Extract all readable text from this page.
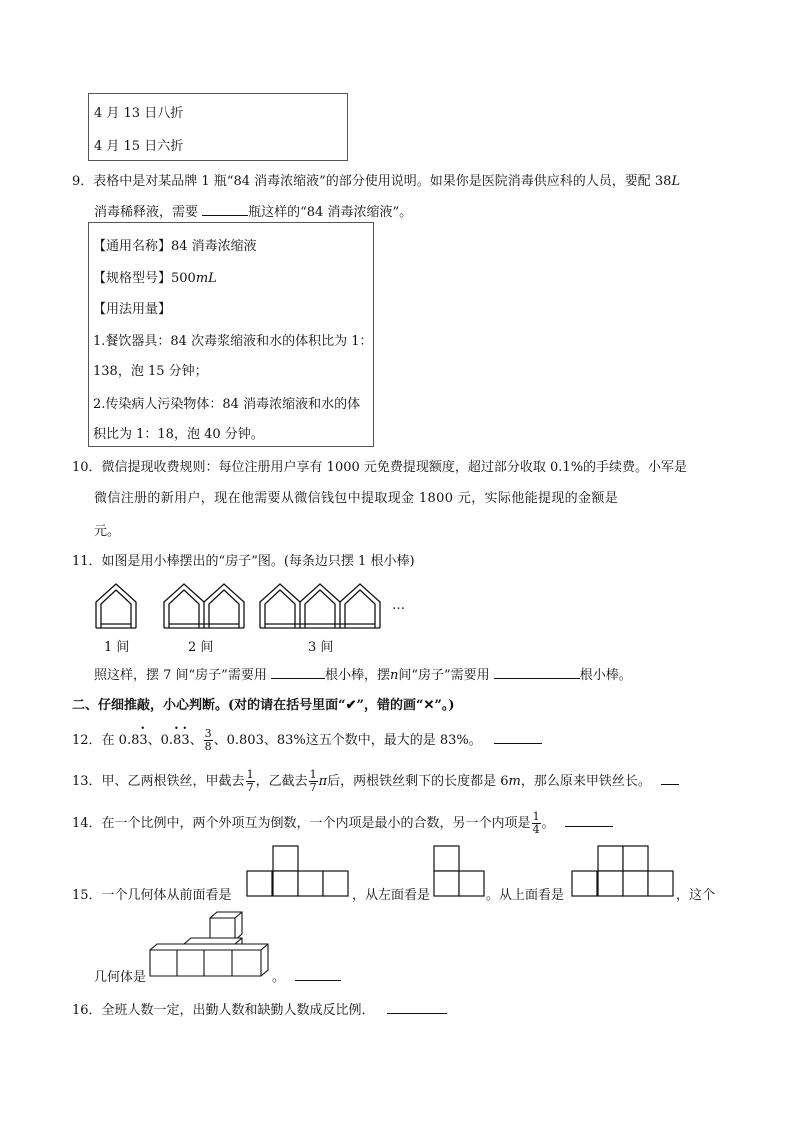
4 月 13 日八折
4 月 15 日六折
9．表格中是对某品牌 1 瓶“84 消毒浓缩液”的部分使用说明。如果你是医院消毒供应科的人员，要配 38L
消毒稀释液，需要	瓶这样的“84 消毒浓缩液”。
【通用名称】84 消毒浓缩液
【规格型号】500mL
【用法用量】
1.餐饮器具：84 次毒浆缩液和水的体积比为 1：
138，泡 15 分钟；
2.传染病人污染物体：84 消毒浓缩液和水的体
积比为 1：18，泡 40 分钟。
10．微信提现收费规则：每位注册用户享有 1000 元免费提现额度，超过部分收取 0.1%的手续费。小军是
微信注册的新用户，现在他需要从微信钱包中提取现金 1800 元，实际他能提现的金额是
元。
11．如图是用小棒摆出的“房子”图。(每条边只摆 1 根小棒)
…
1 间	2 间	3 间
照这样，摆 7 间“房子”需要用	根小棒，摆n间“房子”需要用	根小棒。
二、仔细推敲，小心判断。(对的请在括号里面“✔”，错的画“✕”。)
12．在 0.8• 3、0.• 8• 3、 $\frac{3}{8}$ 、0.803、83%这五个数中，最大的是 83%。
13．甲、乙两根铁丝，甲截去 $\frac{1}{7}$ ，乙截去 $\frac{1}{7}$ π后，两根铁丝剩下的长度都是 6m，那么原来甲铁丝长。
14．在一个比例中，两个外项互为倒数，一个内项是最小的合数，另一个内项是 $\frac{1}{4}$ 。
15．一个几何体从前面看是	，从左面看是	。从上面看是	，这个
几何体是	。
16．全班人数一定，出勤人数和缺勤人数成反比例．
